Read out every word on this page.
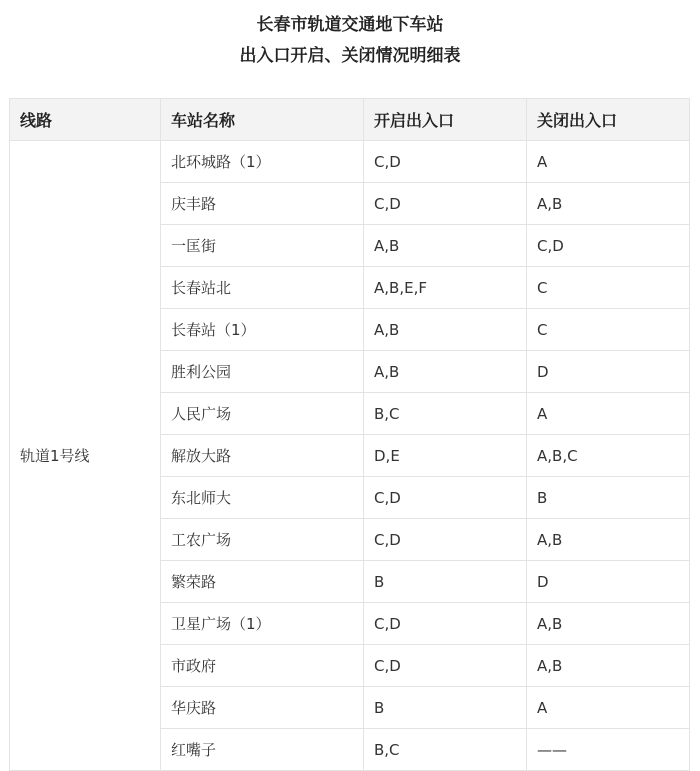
长春市轨道交通地下车站
出入口开启、关闭情况明细表
线路	车站名称	开启出入口	关闭出入口
轨道1号线	北环城路（1）	C,D	A
	庆丰路	C,D	A,B
	一匡街	A,B	C,D
	长春站北	A,B,E,F	C
	长春站（1）	A,B	C
	胜利公园	A,B	D
	人民广场	B,C	A
	解放大路	D,E	A,B,C
	东北师大	C,D	B
	工农广场	C,D	A,B
	繁荣路	B	D
	卫星广场（1）	C,D	A,B
	市政府	C,D	A,B
	华庆路	B	A
	红嘴子	B,C	——
